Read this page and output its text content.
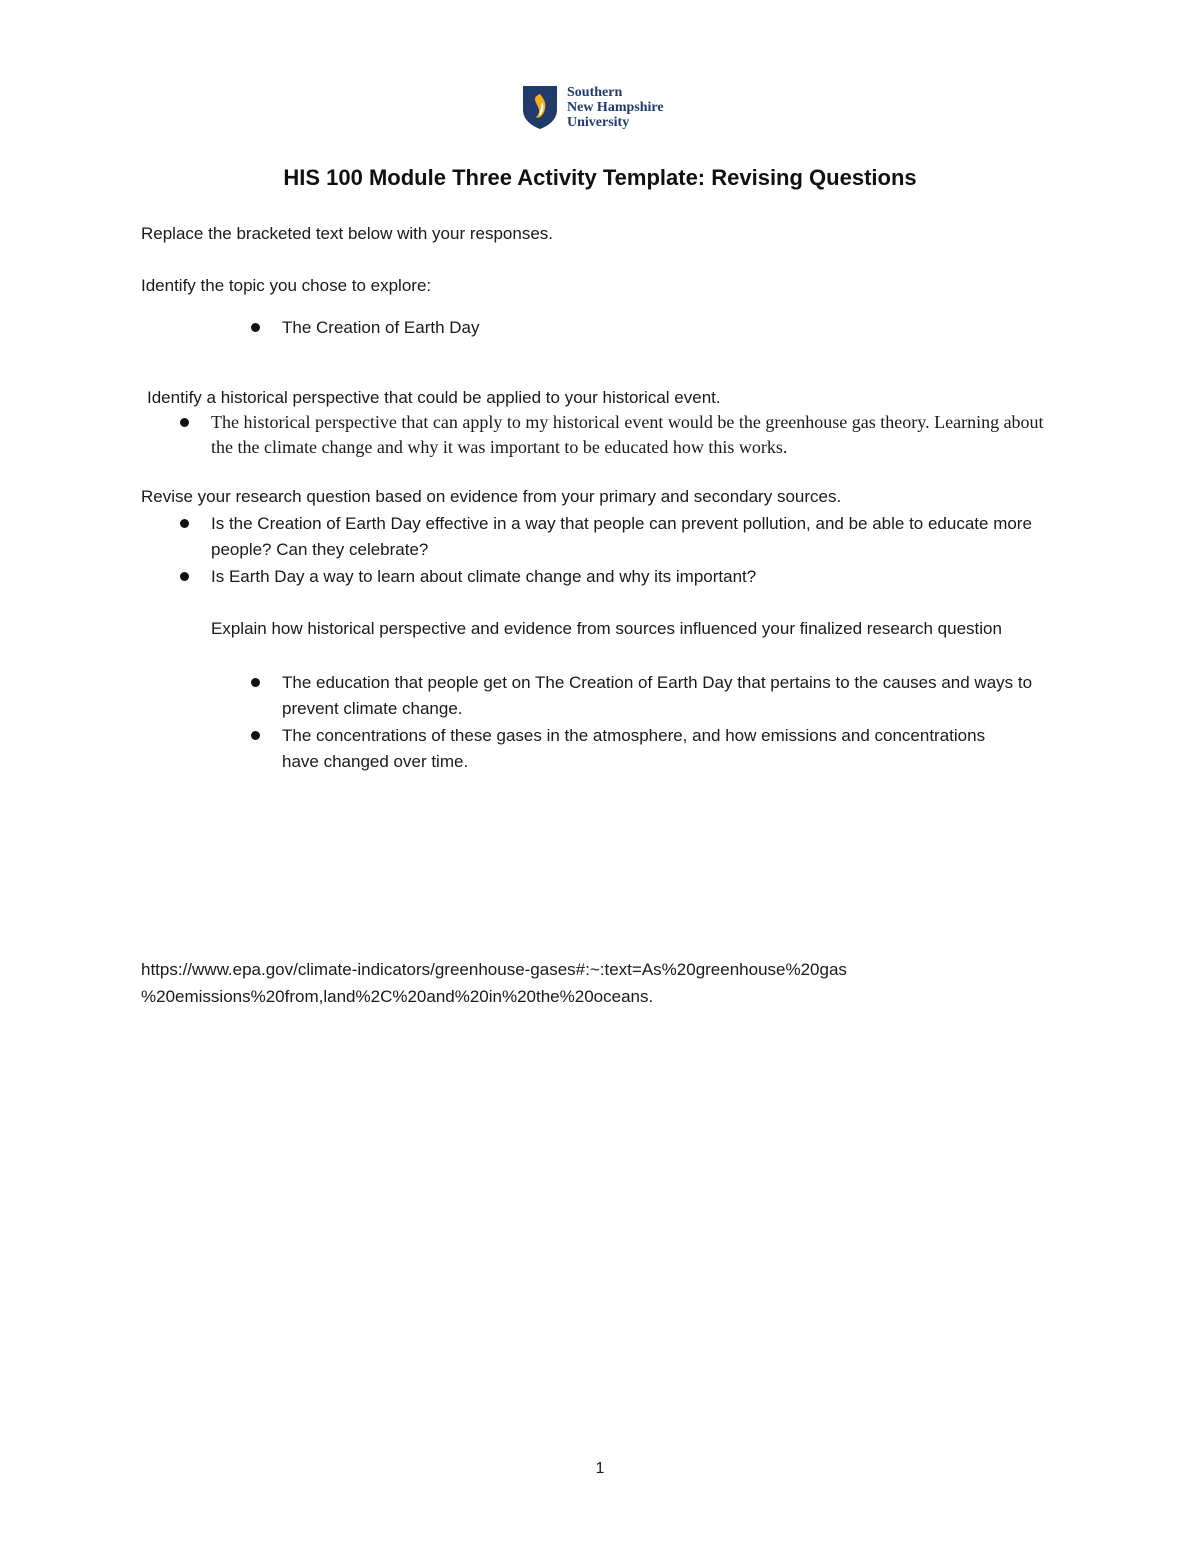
Southern
New Hampshire
University
HIS 100 Module Three Activity Template: Revising Questions
Replace the bracketed text below with your responses.
Identify the topic you chose to explore:
The Creation of Earth Day
Identify a historical perspective that could be applied to your historical event.
The historical perspective that can apply to my historical event would be the greenhouse gas theory. Learning about the the climate change and why it was important to be educated how this works.
Revise your research question based on evidence from your primary and secondary sources.
Is the Creation of Earth Day effective in a way that people can prevent pollution, and be able to educate more people? Can they celebrate?
Is Earth Day a way to learn about climate change and why its important?
Explain how historical perspective and evidence from sources influenced your finalized research question
The education that people get on The Creation of Earth Day that pertains to the causes and ways to prevent climate change.
The concentrations of these gases in the atmosphere, and how emissions and concentrations have changed over time.
https://www.epa.gov/climate-indicators/greenhouse-gases#:~:text=As%20greenhouse%20gas
%20emissions%20from,land%2C%20and%20in%20the%20oceans.
1
